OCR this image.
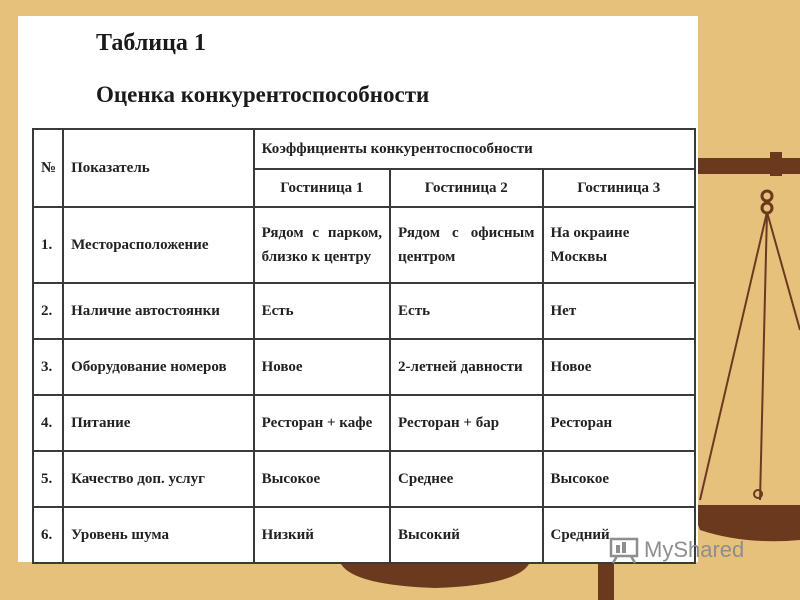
Таблица 1
Оценка конкурентоспособности
№	Показатель	Коэффициенты конкурентоспособности		
		Гостиница 1	Гостиница 2	Гостиница 3
1.	Месторасположение	Рядом с парком, близко к центру	Рядом с офисным центром	На окраине Москвы
2.	Наличие автостоянки	Есть	Есть	Нет
3.	Оборудование номеров	Новое	2-летней давности	Новое
4.	Питание	Ресторан + кафе	Ресторан + бар	Ресторан
5.	Качество доп. услуг	Высокое	Среднее	Высокое
6.	Уровень шума	Низкий	Высокий	Средний
MyShared
